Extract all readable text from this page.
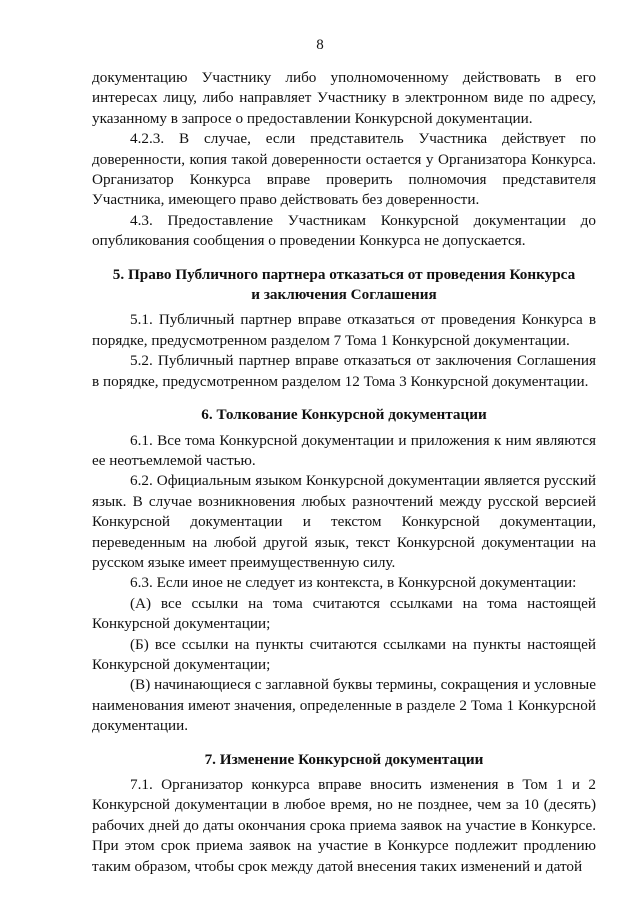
8

документацию Участнику либо уполномоченному действовать в его интересах лицу, либо направляет Участнику в электронном виде по адресу, указанному в запросе о предоставлении Конкурсной документации.

4.2.3. В случае, если представитель Участника действует по доверенности, копия такой доверенности остается у Организатора Конкурса. Организатор Конкурса вправе проверить полномочия представителя Участника, имеющего право действовать без доверенности.

4.3. Предоставление Участникам Конкурсной документации до опубликования сообщения о проведении Конкурса не допускается.

5. Право Публичного партнера отказаться от проведения Конкурса
и заключения Соглашения

5.1. Публичный партнер вправе отказаться от проведения Конкурса в порядке, предусмотренном разделом 7 Тома 1 Конкурсной документации.

5.2. Публичный партнер вправе отказаться от заключения Соглашения в порядке, предусмотренном разделом 12 Тома 3 Конкурсной документации.

6. Толкование Конкурсной документации

6.1. Все тома Конкурсной документации и приложения к ним являются ее неотъемлемой частью.

6.2. Официальным языком Конкурсной документации является русский язык. В случае возникновения любых разночтений между русской версией Конкурсной документации и текстом Конкурсной документации, переведенным на любой другой язык, текст Конкурсной документации на русском языке имеет преимущественную силу.

6.3. Если иное не следует из контекста, в Конкурсной документации:

(А) все ссылки на тома считаются ссылками на тома настоящей Конкурсной документации;

(Б) все ссылки на пункты считаются ссылками на пункты настоящей Конкурсной документации;

(В) начинающиеся с заглавной буквы термины, сокращения и условные наименования имеют значения, определенные в разделе 2 Тома 1 Конкурсной документации.

7. Изменение Конкурсной документации

7.1. Организатор конкурса вправе вносить изменения в Том 1 и 2 Конкурсной документации в любое время, но не позднее, чем за 10 (десять) рабочих дней до даты окончания срока приема заявок на участие в Конкурсе. При этом срок приема заявок на участие в Конкурсе подлежит продлению таким образом, чтобы срок между датой внесения таких изменений и датой
